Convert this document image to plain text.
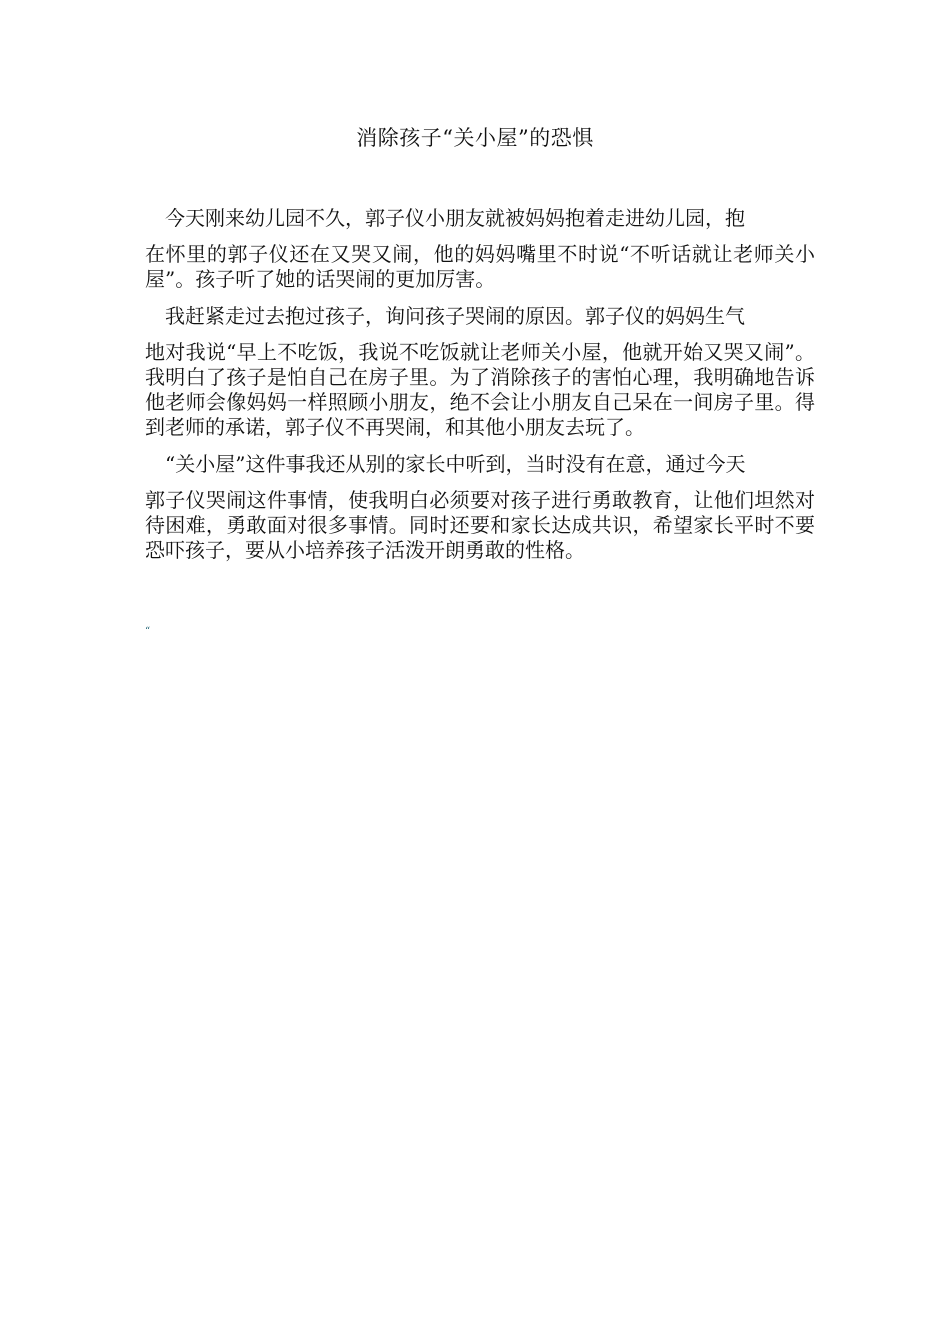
消除孩子“关小屋”的恐惧

今天刚来幼儿园不久，郭子仪小朋友就被妈妈抱着走进幼儿园，抱
在怀里的郭子仪还在又哭又闹，他的妈妈嘴里不时说“不听话就让老师关小屋”。孩子听了她的话哭闹的更加厉害。

我赶紧走过去抱过孩子，询问孩子哭闹的原因。郭子仪的妈妈生气
地对我说“早上不吃饭，我说不吃饭就让老师关小屋，他就开始又哭又闹”。我明白了孩子是怕自己在房子里。为了消除孩子的害怕心理，我明确地告诉他老师会像妈妈一样照顾小朋友，绝不会让小朋友自己呆在一间房子里。得到老师的承诺，郭子仪不再哭闹，和其他小朋友去玩了。

“关小屋”这件事我还从别的家长中听到，当时没有在意，通过今天
郭子仪哭闹这件事情，使我明白必须要对孩子进行勇敢教育，让他们坦然对待困难，勇敢面对很多事情。同时还要和家长达成共识，希望家长平时不要恐吓孩子，要从小培养孩子活泼开朗勇敢的性格。

“
